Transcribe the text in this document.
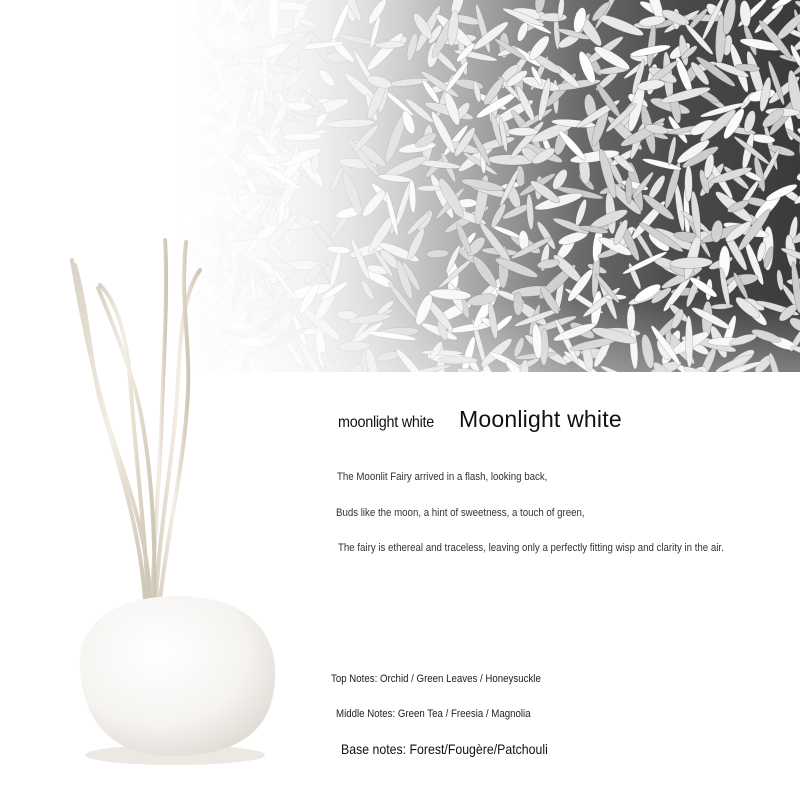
moonlight white Moonlight white
The Moonlit Fairy arrived in a flash, looking back,
Buds like the moon, a hint of sweetness, a touch of green,
The fairy is ethereal and traceless, leaving only a perfectly fitting wisp and clarity in the air.
Top Notes: Orchid / Green Leaves / Honeysuckle
Middle Notes: Green Tea / Freesia / Magnolia
Base notes: Forest/Fougère/Patchouli
